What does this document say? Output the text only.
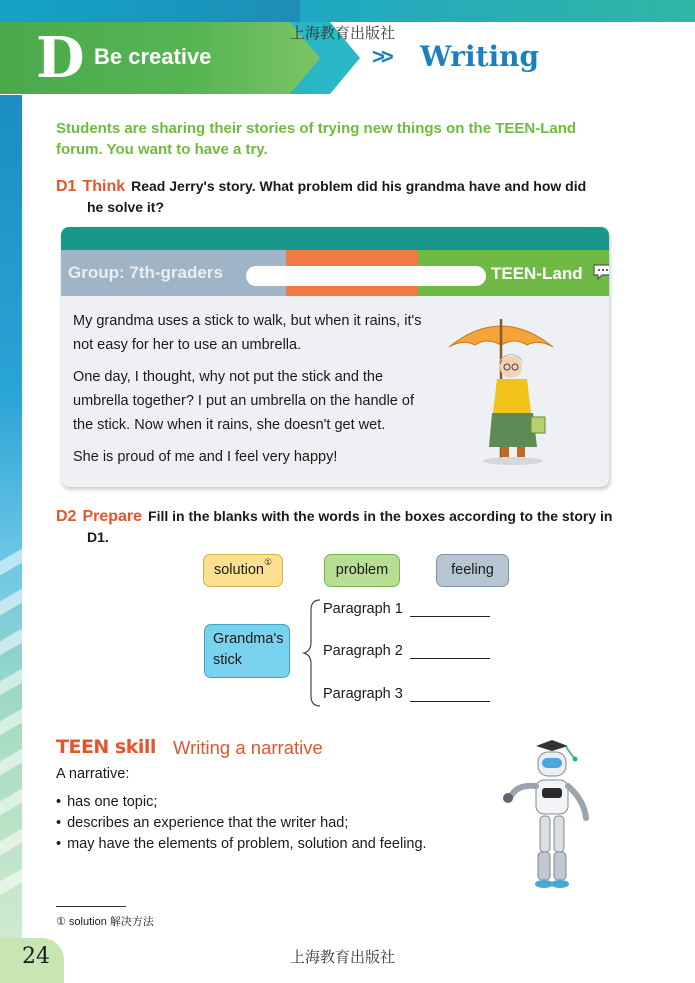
D Be creative	>> Writing
上海教育出版社
Students are sharing their stories of trying new things on the TEEN-Land forum. You want to have a try.
D1 Think Read Jerry's story. What problem did his grandma have and how did
he solve it?
Group: 7th-graders	TEEN-Land

My grandma uses a stick to walk, but when it rains, it's not easy for her to use an umbrella.

One day, I thought, why not put the stick and the umbrella together? I put an umbrella on the handle of the stick. Now when it rains, she doesn't get wet.

She is proud of me and I feel very happy!

D2 Prepare Fill in the blanks with the words in the boxes according to the story in
D1.
solution①	problem	feeling
Grandma's
stick
Paragraph 1
Paragraph 2
Paragraph 3
TEEN skill Writing a narrative
A narrative:
• has one topic;
• describes an experience that the writer had;
• may have the elements of problem, solution and feeling.
① solution 解决方法
24	上海教育出版社
